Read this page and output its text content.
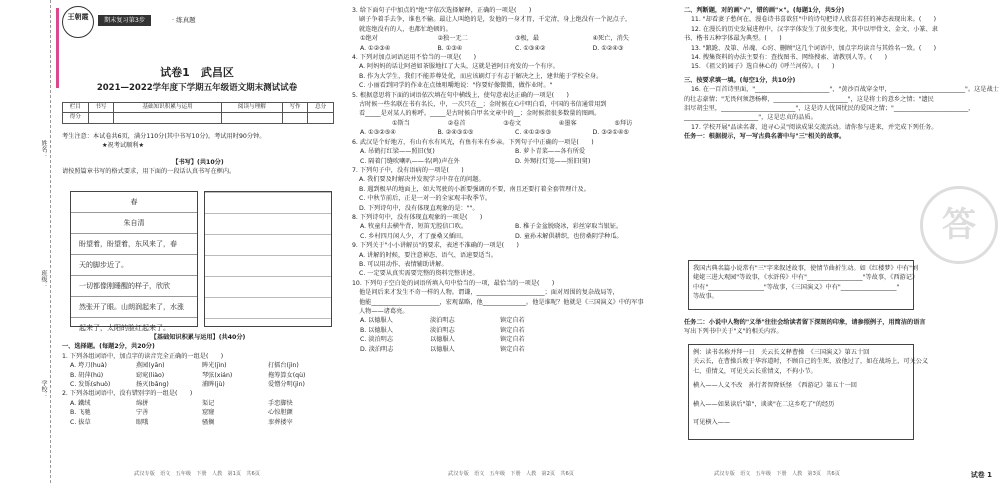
姓名：
班级：
学校：
王朝霞	期末复习第3步	· 练真题
试卷1　武昌区
2021—2022学年度下学期五年级语文期末测试试卷
栏目	书写	基础知识积累与运用	阅读与理解	写作	总分
得分					
考生注意：本试卷共6页，满分110分(其中书写10分)，考试用时90分钟。
★祝考试顺利★
【书写】(共10分)
请按照篇章书写的格式要求，用下面的一段话认真书写在框内。
春
朱自清
盼望着，盼望着，东风来了，春
天的脚步近了。
一切都像刚睡醒的样子，欣欣
然张开了眼。山朗润起来了，水涨
起来了，太阳的脸红起来了。
【基础知识积累与运用】(共40分)
一、选择题。(每题2分，共20分)
1. 下列各组词语中，加点字的读音完全正确的一组是(　　)
A. 垮刀(huà)	燕园(yān)	眸光(jìn)	打擂台(jìn)
B. 胡萍(hú)	窈窕(liào)	琴弦(xián)	拖筹算女(qù)
C. 发铄(shuò)	扬灭(bǎng)	浦眸(jù)	爱憎分明(jìn)
2. 下列各组词语中，没有错别字的一组是(　　)
A. 鐵绒	绵拼	渠记	手恋脚快
B. 飞驰	宁善	窟窿	心惊胆颤
C. 拔草	眼哦	骚搁	挛葬搂宰
武汉专版　语文　五年级　下册　人教　第1页　共6页
3. 给下面句子中加点的"绝"字依次选择解释，正确的一项是(　　)
刷子争着手去争，谁也不输。最让人叫绝的是，发他的一身才胃，千定清，身上绝没有一个泥点子，
就连绝没有的人，也都忙绝顿的。
①绝对	②独一无二	③极，最	④死亡，消失
A. ①②③④	B. ①③④	C. ①③④②	D. ①②④③
4. 下列对加点词语运用不恰当的一项是(　　)
A. 阿妈妈的话让阿爸如茶服地扛了大头，这就是爸阿日亮发的一个有序。
B. 作为大学生，我们不能养尊处优，而应该刷灯于有志于解决之上，建世能于学校全身。
C. 小丽看到同学的作业在点烛咀嚼地说："你要好像微微，做作业时。"
5. 根据意思将下面的词语依次填在句中横线上，使句意表达正确的一项是(　　)
古时候一些名联在书有名长，中，一次只在__；金时候在心中明白看，中国的书信通常用到
看_____是对某人的称呼。_____是古时候自甲名文章中的__；金时候指很多数量的图画。
①斯当	②卷首	③卷文	④墨客	⑤拜访
A. ①③②⑤④	B. ②④③①⑤	C. ④①②⑤③	D. ③②①④⑤
6. 武汉是个好地方，有山有水有风光，有鱼有米有乡亲。下列句子中正确的一项是(　　)
A. 吊鹤打红梁——照旧(复)	B. 萝卜青菜——各有所爱
C. 隔着门缝吹喇叭——名(鸣)声在外	D. 外甥打灯笼——照旧(舅)
7. 下列句子中，没有语病的一项是(　　)
A. 我们要及时解决并发现学习中存在的问题。
B. 遇到极早的地面上，如大驾驶的小新要强调的不要，南且还要打着全套管理计及。
C. 中秋节前后，正是一对一的全家观丰收季节。
D. 下列诗句中，没有体现直观象的是：""。
8. 下列诗句中，没有体现直观象的一项是(　　)
A. 牧童归去横牛背，短笛无腔信口吹。	B. 稚子金盆脱晓冰，彩丝穿取当银钲。
C. 乡村四月闲人少，才了蚕桑又插田。	D. 童孙未解供耕织，也傍桑阴学种瓜。
9. 下列关于"小小讲解员"的要求，表述不准确的一项是(　　)
A. 讲解的时候，要注意神态、语气、语速要适当。
B. 可以用动作、表情辅助讲解。
C. 一定要从真实需要完整的资料完整讲述。
10. 下列句子空白处的词语所填入句中恰当的一项，最恰当的一项是(　　)
他是问后来才发生不奇一样的人物。谓谦，______________________；面对周围的复杂战局等，
他能______________________，宏观谋略，他______________。他是谁呢？他就是《三国演义》中的军事
人物——诸葛亮。
A. 以德服人	淡泊明志	镇定自若
B. 以德服人	淡泊明志	镇定自若
C. 淡泊明志	以德服人	镇定自若
D. 淡泊明志	以德服人	镇定自若
武汉专版　语文　五年级　下册　人教　第2页　共6页
二、判断题，对的画"√"，错的画"×"。(每题1分，共5分)
11. "却看妻子愁何在，漫卷诗书喜欲狂"中的诗句把诗人欣喜若狂的神态表现出来。(　　)
12. 在漫长的历史发展进程中，汉字字体发生了很多变化，其中以甲骨文、金文、小篆、隶
书、楷书五种字体最为典型。(　　)
13. "踉跄、及第、吊魂、心窍、删顾"这几个词语中，加点字均读音与其姓名一致。(　　)
14. 搜集资料的办法主要有：查找图书、网络搜索、请教别人等。(　　)
15. 《祖父的园子》选自林心的《呼兰河传》。(　　)
三、按要求填一填。(每空1分，共10分)
16. 在一百首诗里面，"________________________"，"黄沙百战穿金甲，________________________"。这是战士
的壮志豪情；"无畏何须怨杨柳，________________________"，这是将士的意乡之情；"遗民
泪尽胡尘里，________________________"，这是诗人忧国忧民的爱国之情；"________________________，
________________________"，这是忠贞的品质。
17. 学校开展"品读名著，追寻心灵"阅读成果交流活动。请你参与进来，并完成下列任务。
任务一：根据提示，写一写古典名著中与"三"相关的故事。
我国古典名篇小说常有"三"字来叙述故事，使情节曲折生动。如《红楼梦》中有"刘
姥姥三进大观园"等故事，《水浒传》中有"__________________"等故事，《西游记》
中有"__________________"等故事，《三国演义》中有"__________________"
等故事。
任务二：小说中人物的"义举"往往会给读者留下深刻的印象，请参照例子，用简洁的语言
写出下列书中关于"义"的相关内容。
例：读书名称并拜一日　关云长义释曹操　《三国演义》第五十回
关云长，在曹操兵败于华容道时，不顾自己的生死，放他过了，如在战场上，可关公义
七，重情义，可见关云长重情义，不拘小节。
横入——人义不改　孙行者智降妖怪　《西游记》第五十一回
横入——如果读后"第"，谈谈"在二这乡吃了"的经历
可见横入——
武汉专版　语文　五年级　下册　人教　第3页　共6页	试卷 1
答
